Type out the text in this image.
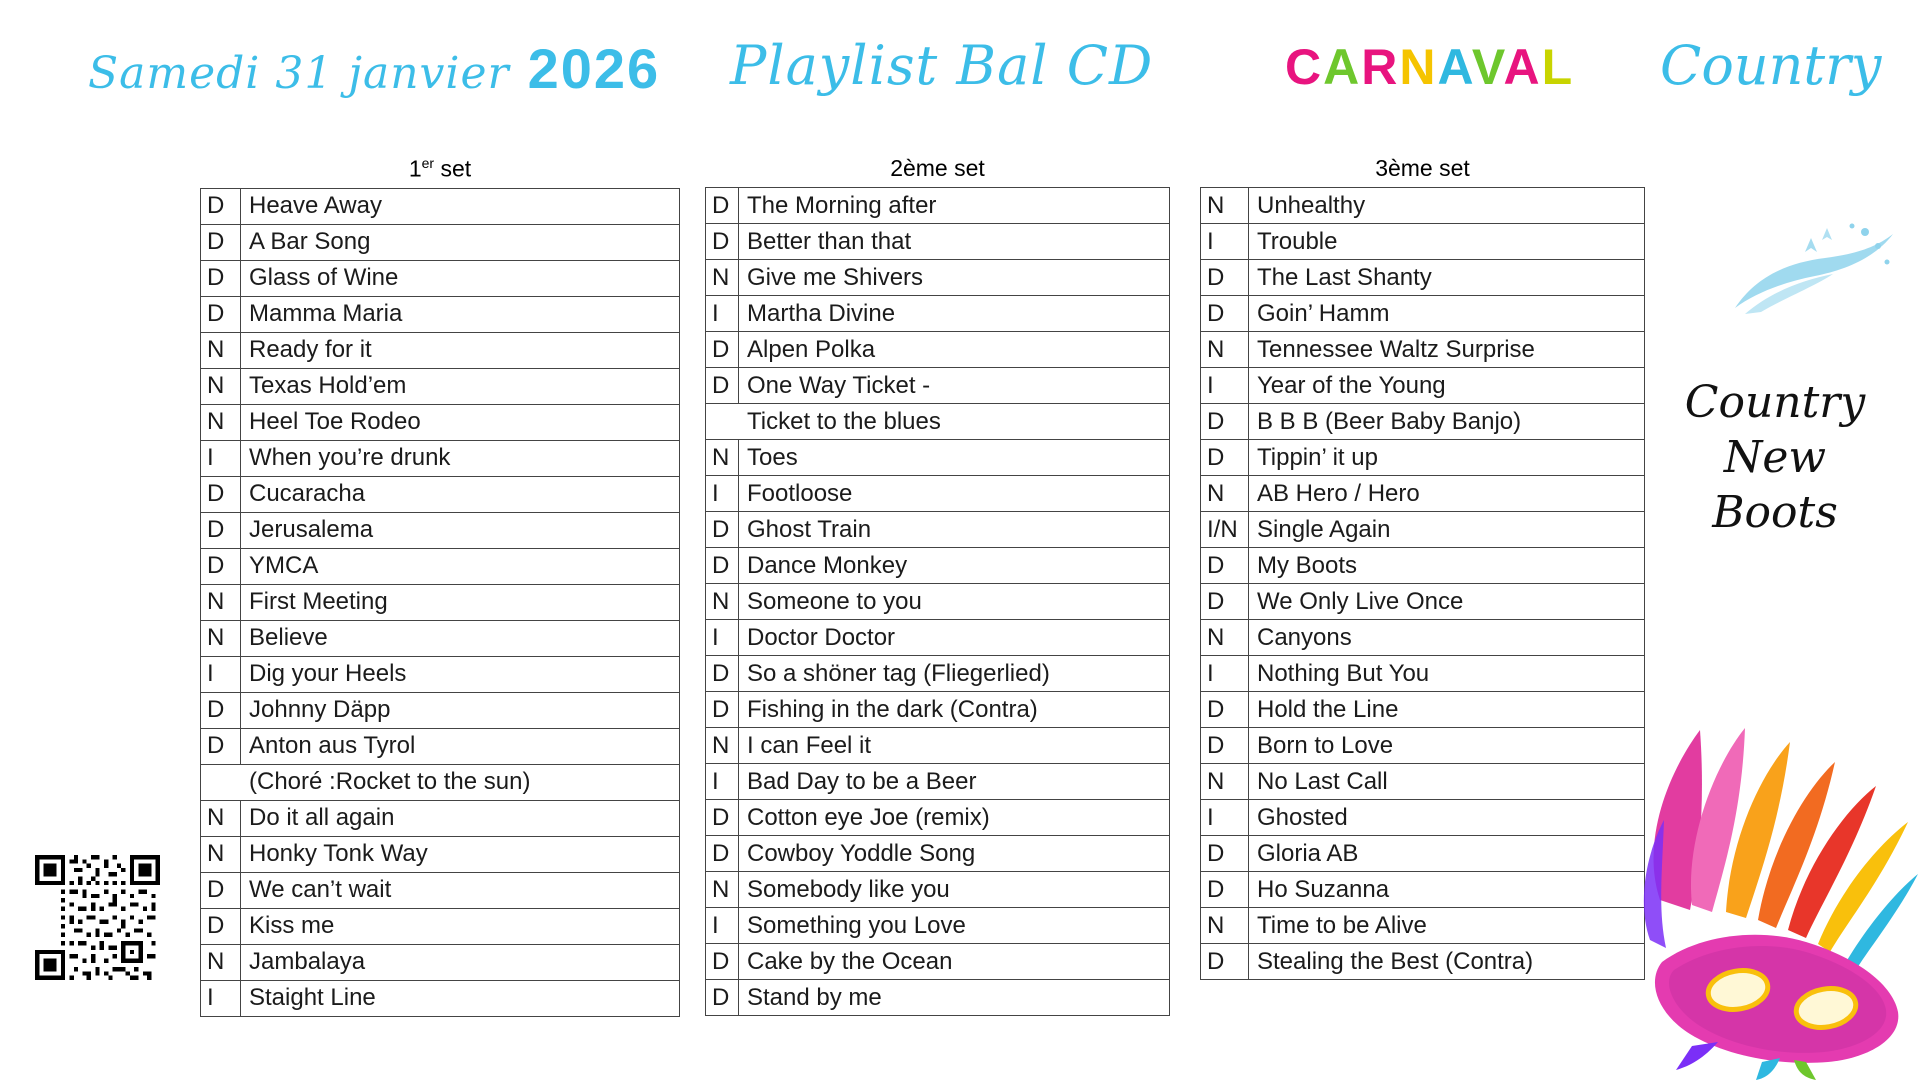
Samedi 31 janvier 2026 Playlist Bal CD	CARNAVAL Country
1er set
D	Heave Away
D	A Bar Song
D	Glass of Wine
D	Mamma Maria
N	Ready for it
N	Texas Hold’em
N	Heel Toe Rodeo
I	When you’re drunk
D	Cucaracha
D	Jerusalema
D	YMCA
N	First Meeting
N	Believe
I	Dig your Heels
D	Johnny Däpp
D	Anton aus Tyrol
	(Choré :Rocket to the sun)
N	Do it all again
N	Honky Tonk Way
D	We can’t wait
D	Kiss me
N	Jambalaya
I	Staight Line
2ème set
D	The Morning after
D	Better than that
N	Give me Shivers
I	Martha Divine
D	Alpen Polka
D	One Way Ticket -
	Ticket to the blues
N	Toes
I	Footloose
D	Ghost Train
D	Dance Monkey
N	Someone to you
I	Doctor Doctor
D	So a shöner tag (Fliegerlied)
D	Fishing in the dark (Contra)
N	I can Feel it
I	Bad Day to be a Beer
D	Cotton eye Joe (remix)
D	Cowboy Yoddle Song
N	Somebody like you
I	Something you Love
D	Cake by the Ocean
D	Stand by me
3ème set
N	Unhealthy
I	Trouble
D	The Last Shanty
D	Goin’ Hamm
N	Tennessee Waltz Surprise
I	Year of the Young
D	B B B (Beer Baby Banjo)
D	Tippin’ it up
N	AB Hero / Hero
I/N	Single Again
D	My Boots
D	We Only Live Once
N	Canyons
I	Nothing But You
D	Hold the Line
D	Born to Love
N	No Last Call
I	Ghosted
D	Gloria AB
D	Ho Suzanna
N	Time to be Alive
D	Stealing the Best (Contra)
Country
New
Boots
